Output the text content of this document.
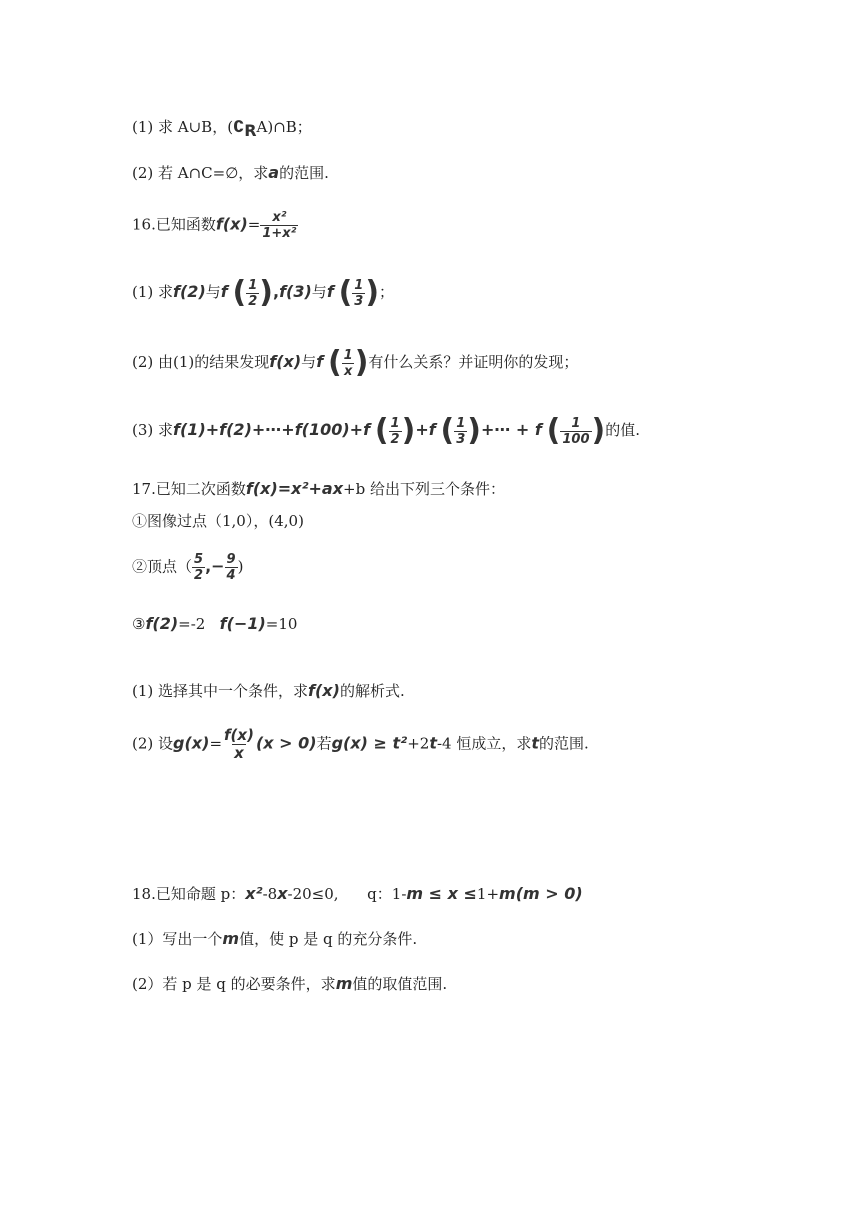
(1) 求 A∪B，$(∁_RA)\cap B$；
(2) 若 A∩C=∅，求a的范围.
16.已知函数$f(x)= \frac{\text{x²}}{\text{1+x²}}$
(1) 求f(2)与f ( $\frac{1}{2} ),f(3)$与f ( $\frac{1}{3}$ )；
(2) 由(1)的结果发现f(x)与f ( $\frac{1}{x}$ )有什么关系？并证明你的发现；
(3) 求f(1)+f(2)+⋯+f(100)+f ( $\frac{1}{2} )+f$ ( $\frac{1}{3}$ )+⋯ + f ( $\frac{1}{100}$ )的值.
17.已知二次函数f(x)=x²+ax+b 给出下列三个条件：
①图像过点（1,0），(4,0)
②顶点（ $\frac{5}{2}$ ,− $\frac{9}{4}$ )
③f(2)=-2 f(−1)=10
(1) 选择其中一个条件，求f(x)的解析式.
(2) 设$g(x)= \frac{f(x)}{x} (x > 0)$若g(x) ≥ t²+2t-4 恒成立，求t的范围.
18.已知命题 p：x²-8x-20≤0, q：1-m ≤ x ≤1+m(m > 0)
(1）写出一个m值，使 p 是 q 的充分条件.
(2）若 p 是 q 的必要条件，求m值的取值范围.
